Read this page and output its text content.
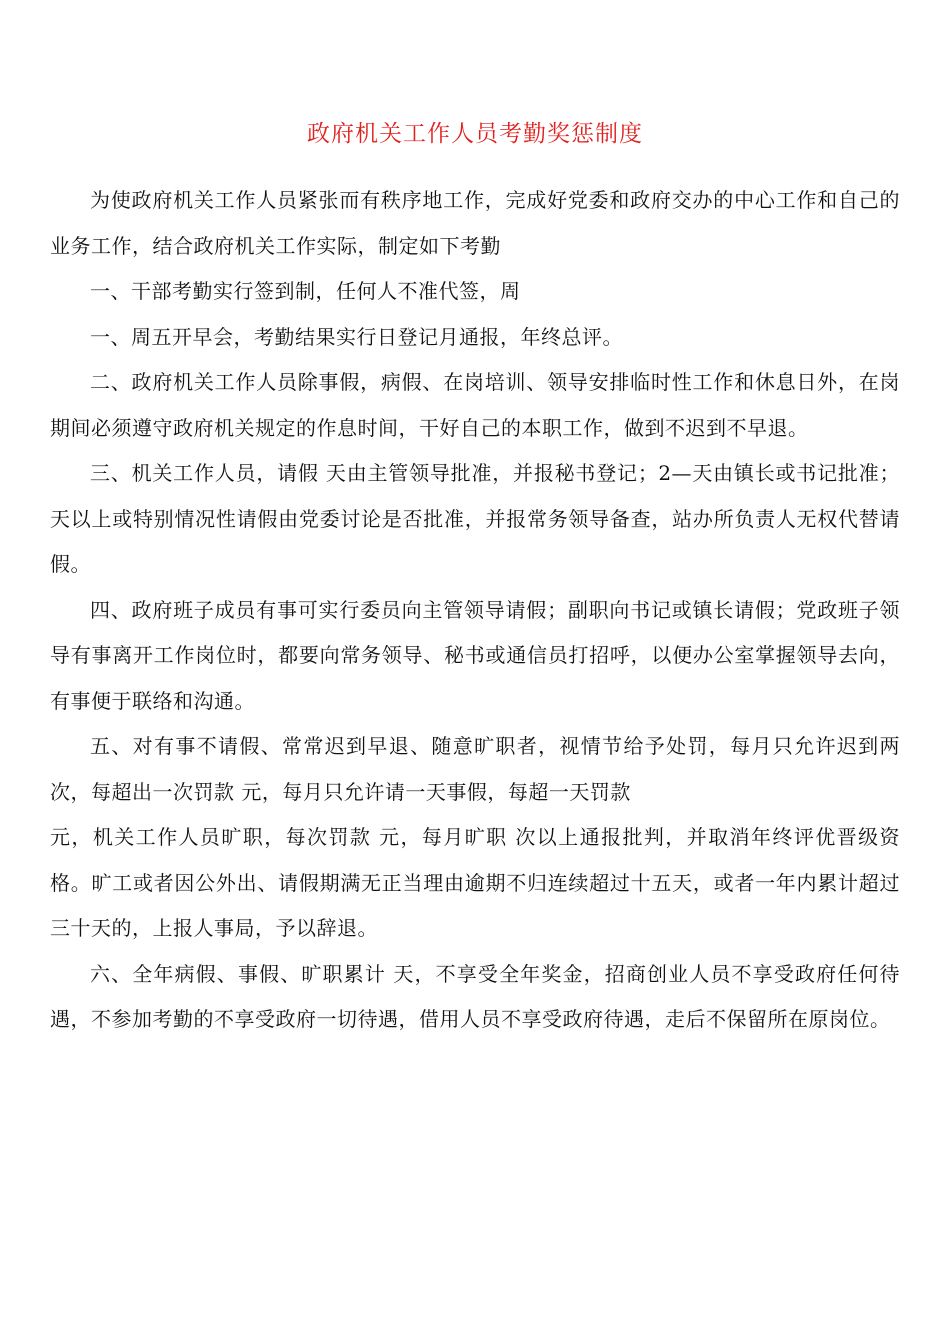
政府机关工作人员考勤奖惩制度

为使政府机关工作人员紧张而有秩序地工作，完成好党委和政府交办的中心工作和自己的业务工作，结合政府机关工作实际，制定如下考勤

一、干部考勤实行签到制，任何人不准代签，周

一、周五开早会，考勤结果实行日登记月通报，年终总评。

二、政府机关工作人员除事假，病假、在岗培训、领导安排临时性工作和休息日外，在岗期间必须遵守政府机关规定的作息时间，干好自己的本职工作，做到不迟到不早退。

三、机关工作人员，请假 天由主管领导批准，并报秘书登记；2—天由镇长或书记批准；天以上或特别情况性请假由党委讨论是否批准，并报常务领导备查，站办所负责人无权代替请假。

四、政府班子成员有事可实行委员向主管领导请假；副职向书记或镇长请假；党政班子领导有事离开工作岗位时，都要向常务领导、秘书或通信员打招呼，以便办公室掌握领导去向，有事便于联络和沟通。

五、对有事不请假、常常迟到早退、随意旷职者，视情节给予处罚，每月只允许迟到两次，每超出一次罚款 元，每月只允许请一天事假，每超一天罚款

元，机关工作人员旷职，每次罚款 元，每月旷职 次以上通报批判，并取消年终评优晋级资格。旷工或者因公外出、请假期满无正当理由逾期不归连续超过十五天，或者一年内累计超过三十天的，上报人事局，予以辞退。

六、全年病假、事假、旷职累计 天，不享受全年奖金，招商创业人员不享受政府任何待遇，不参加考勤的不享受政府一切待遇，借用人员不享受政府待遇，走后不保留所在原岗位。
